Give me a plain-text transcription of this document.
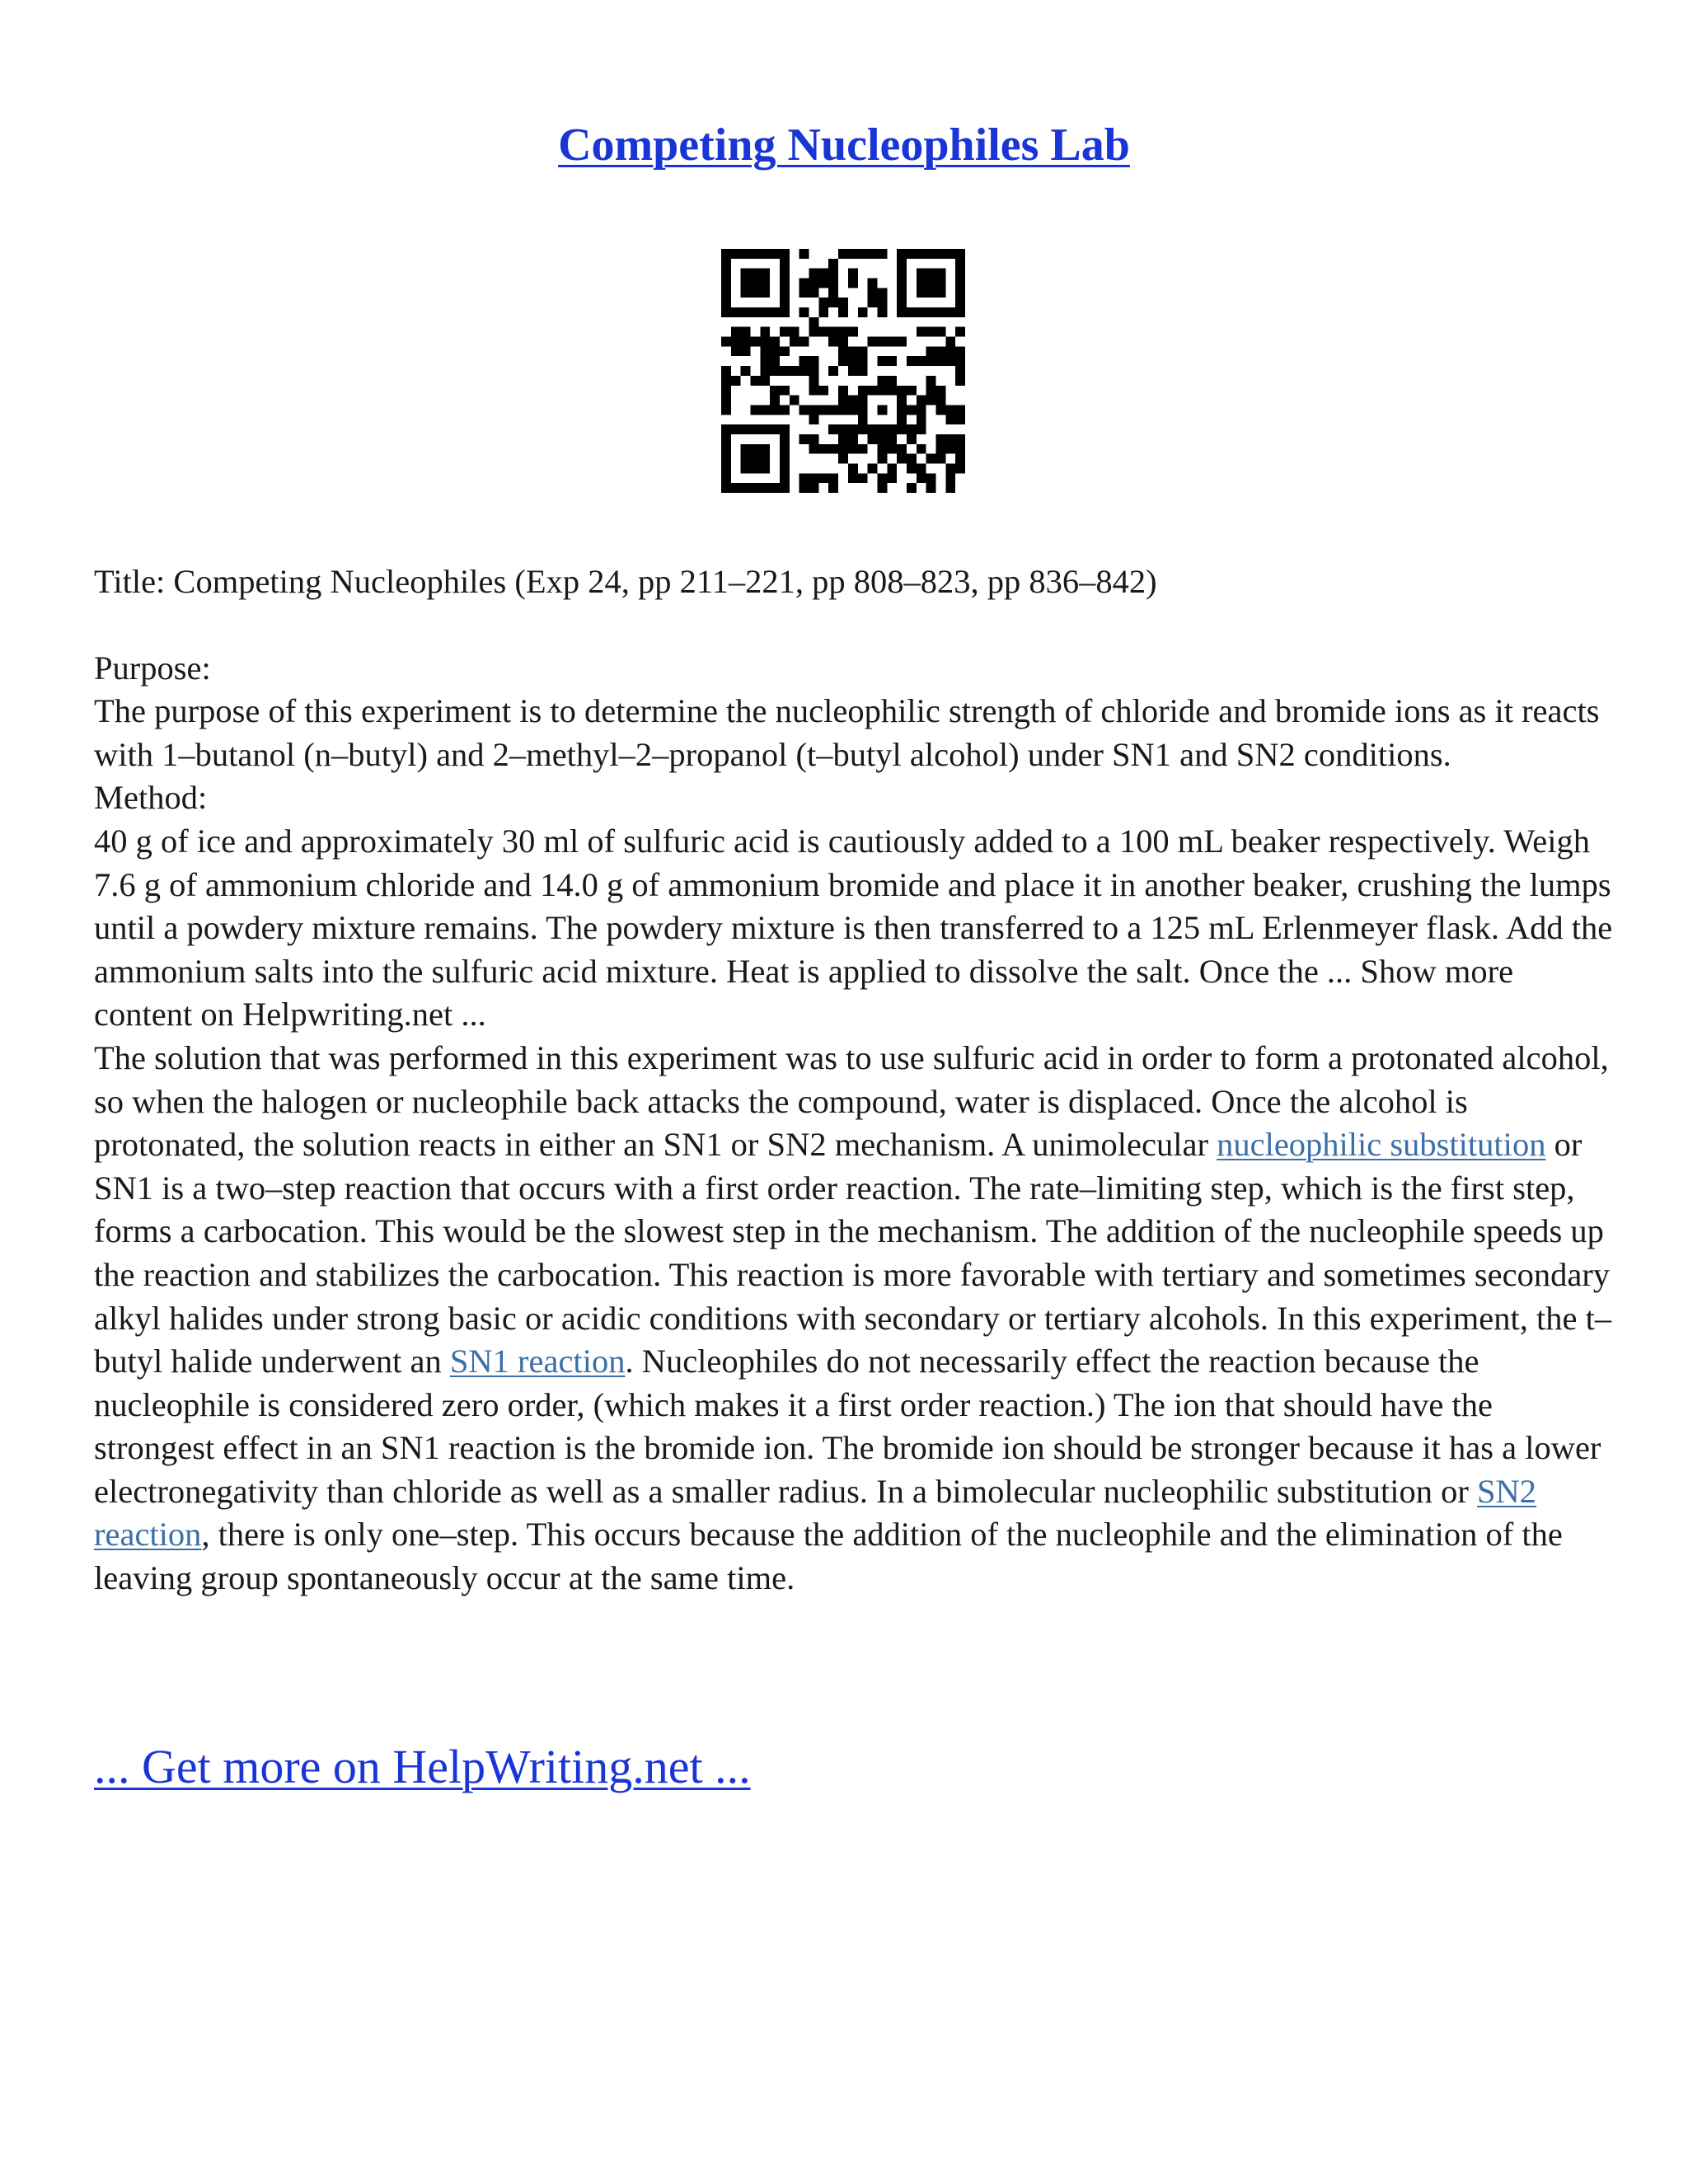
Competing Nucleophiles Lab

Title: Competing Nucleophiles (Exp 24, pp 211–221, pp 808–823, pp 836–842)

Purpose:

The purpose of this experiment is to determine the nucleophilic strength of chloride and bromide ions as it reacts with 1–butanol (n–butyl) and 2–methyl–2–propanol (t–butyl alcohol) under SN1 and SN2 conditions.

Method:

40 g of ice and approximately 30 ml of sulfuric acid is cautiously added to a 100 mL beaker respectively. Weigh 7.6 g of ammonium chloride and 14.0 g of ammonium bromide and place it in another beaker, crushing the lumps until a powdery mixture remains. The powdery mixture is then transferred to a 125 mL Erlenmeyer flask. Add the ammonium salts into the sulfuric acid mixture. Heat is applied to dissolve the salt. Once the ... Show more content on Helpwriting.net ...

The solution that was performed in this experiment was to use sulfuric acid in order to form a protonated alcohol, so when the halogen or nucleophile back attacks the compound, water is displaced. Once the alcohol is protonated, the solution reacts in either an SN1 or SN2 mechanism. A unimolecular nucleophilic substitution or SN1 is a two–step reaction that occurs with a first order reaction. The rate–limiting step, which is the first step, forms a carbocation. This would be the slowest step in the mechanism. The addition of the nucleophile speeds up the reaction and stabilizes the carbocation. This reaction is more favorable with tertiary and sometimes secondary alkyl halides under strong basic or acidic conditions with secondary or tertiary alcohols. In this experiment, the t–butyl halide underwent an SN1 reaction. Nucleophiles do not necessarily effect the reaction because the nucleophile is considered zero order, (which makes it a first order reaction.) The ion that should have the strongest effect in an SN1 reaction is the bromide ion. The bromide ion should be stronger because it has a lower electronegativity than chloride as well as a smaller radius. In a bimolecular nucleophilic substitution or SN2 reaction, there is only one–step. This occurs because the addition of the nucleophile and the elimination of the leaving group spontaneously occur at the same time.

... Get more on HelpWriting.net ...
